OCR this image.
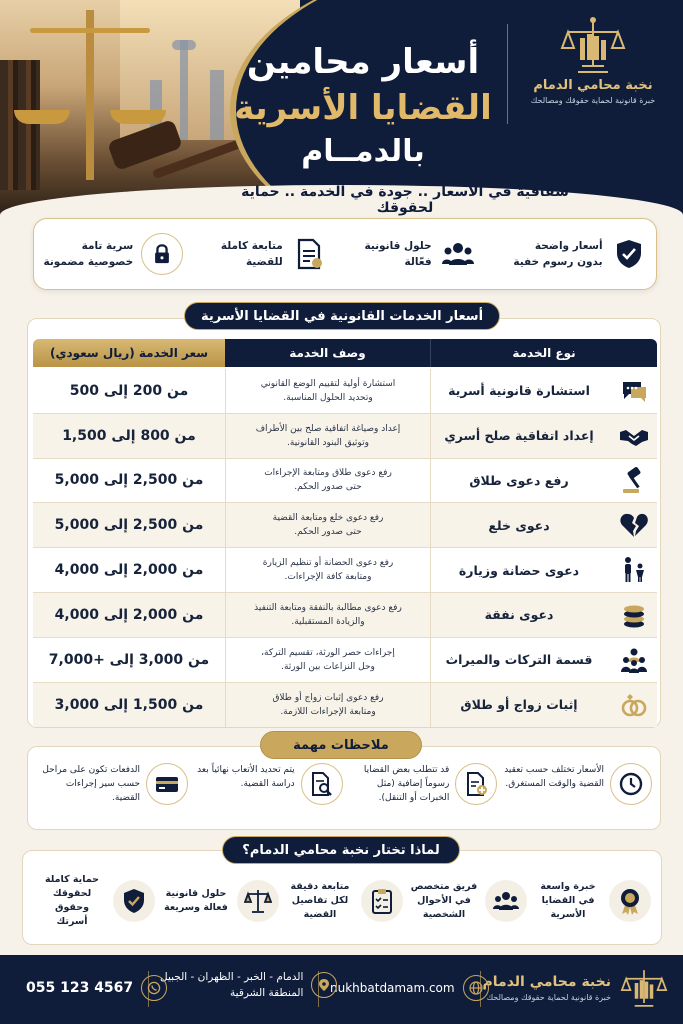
نخبة محامي الدمام
خبرة قانونية لحماية حقوقك ومصالحك
أسعار محامين
القضايا الأسرية
بالدمــام
شفافية في الأسعار .. جودة في الخدمة .. حماية لحقوقك
أسعار واضحة
بدون رسوم خفية
حلول قانونية
فعّالة
متابعة كاملة
للقضية
سرية تامة
خصوصية مضمونة
نوع الخدمة
وصف الخدمة
سعر الخدمة (ريال سعودي)
استشارة قانونية أسرية
استشارة أولية لتقييم الوضع القانوني
وتحديد الحلول المناسبة.
من 200 إلى 500
إعداد اتفاقية صلح أسري
إعداد وصياغة اتفاقية صلح بين الأطراف
وتوثيق البنود القانونية.
من 800 إلى 1,500
رفع دعوى طلاق
رفع دعوى طلاق ومتابعة الإجراءات
حتى صدور الحكم.
من 2,500 إلى 5,000
دعوى خلع
رفع دعوى خلع ومتابعة القضية
حتى صدور الحكم.
من 2,500 إلى 5,000
دعوى حضانة وزيارة
رفع دعوى الحضانة أو تنظيم الزيارة
ومتابعة كافة الإجراءات.
من 2,000 إلى 4,000
دعوى نفقة
رفع دعوى مطالبة بالنفقة ومتابعة التنفيذ
والزيادة المستقبلية.
من 2,000 إلى 4,000
قسمة التركات والميراث
إجراءات حصر الورثة، تقسيم التركة،
وحل النزاعات بين الورثة.
من 3,000 إلى +7,000
إثبات زواج أو طلاق
رفع دعوى إثبات زواج أو طلاق
ومتابعة الإجراءات اللازمة.
من 1,500 إلى 3,000
أسعار الخدمات القانونية في القضايا الأسرية
الأسعار تختلف حسب تعقيد القضية والوقت المستغرق.
قد تتطلب بعض القضايا رسوماً إضافية (مثل الخبرات أو التنقل).
يتم تحديد الأتعاب نهائياً بعد دراسة القضية.
الدفعات تكون على مراحل حسب سير إجراءات القضية.
ملاحظات مهمة
خبرة واسعة
في القضايا
الأسرية
فريق متخصص
في الأحوال
الشخصية
متابعة دقيقة
لكل تفاصيل
القضية
حلول قانونية
فعالة وسريعة
حماية كاملة
لحقوقك وحقوق
أسرتك
لماذا تختار نخبة محامي الدمام؟
نخبة محامي الدمام
خبرة قانونية لحماية حقوقك ومصالحك
nukhbatdamam.com
الدمام - الخبر - الظهران - الجبيل
المنطقة الشرقية
055 123 4567
